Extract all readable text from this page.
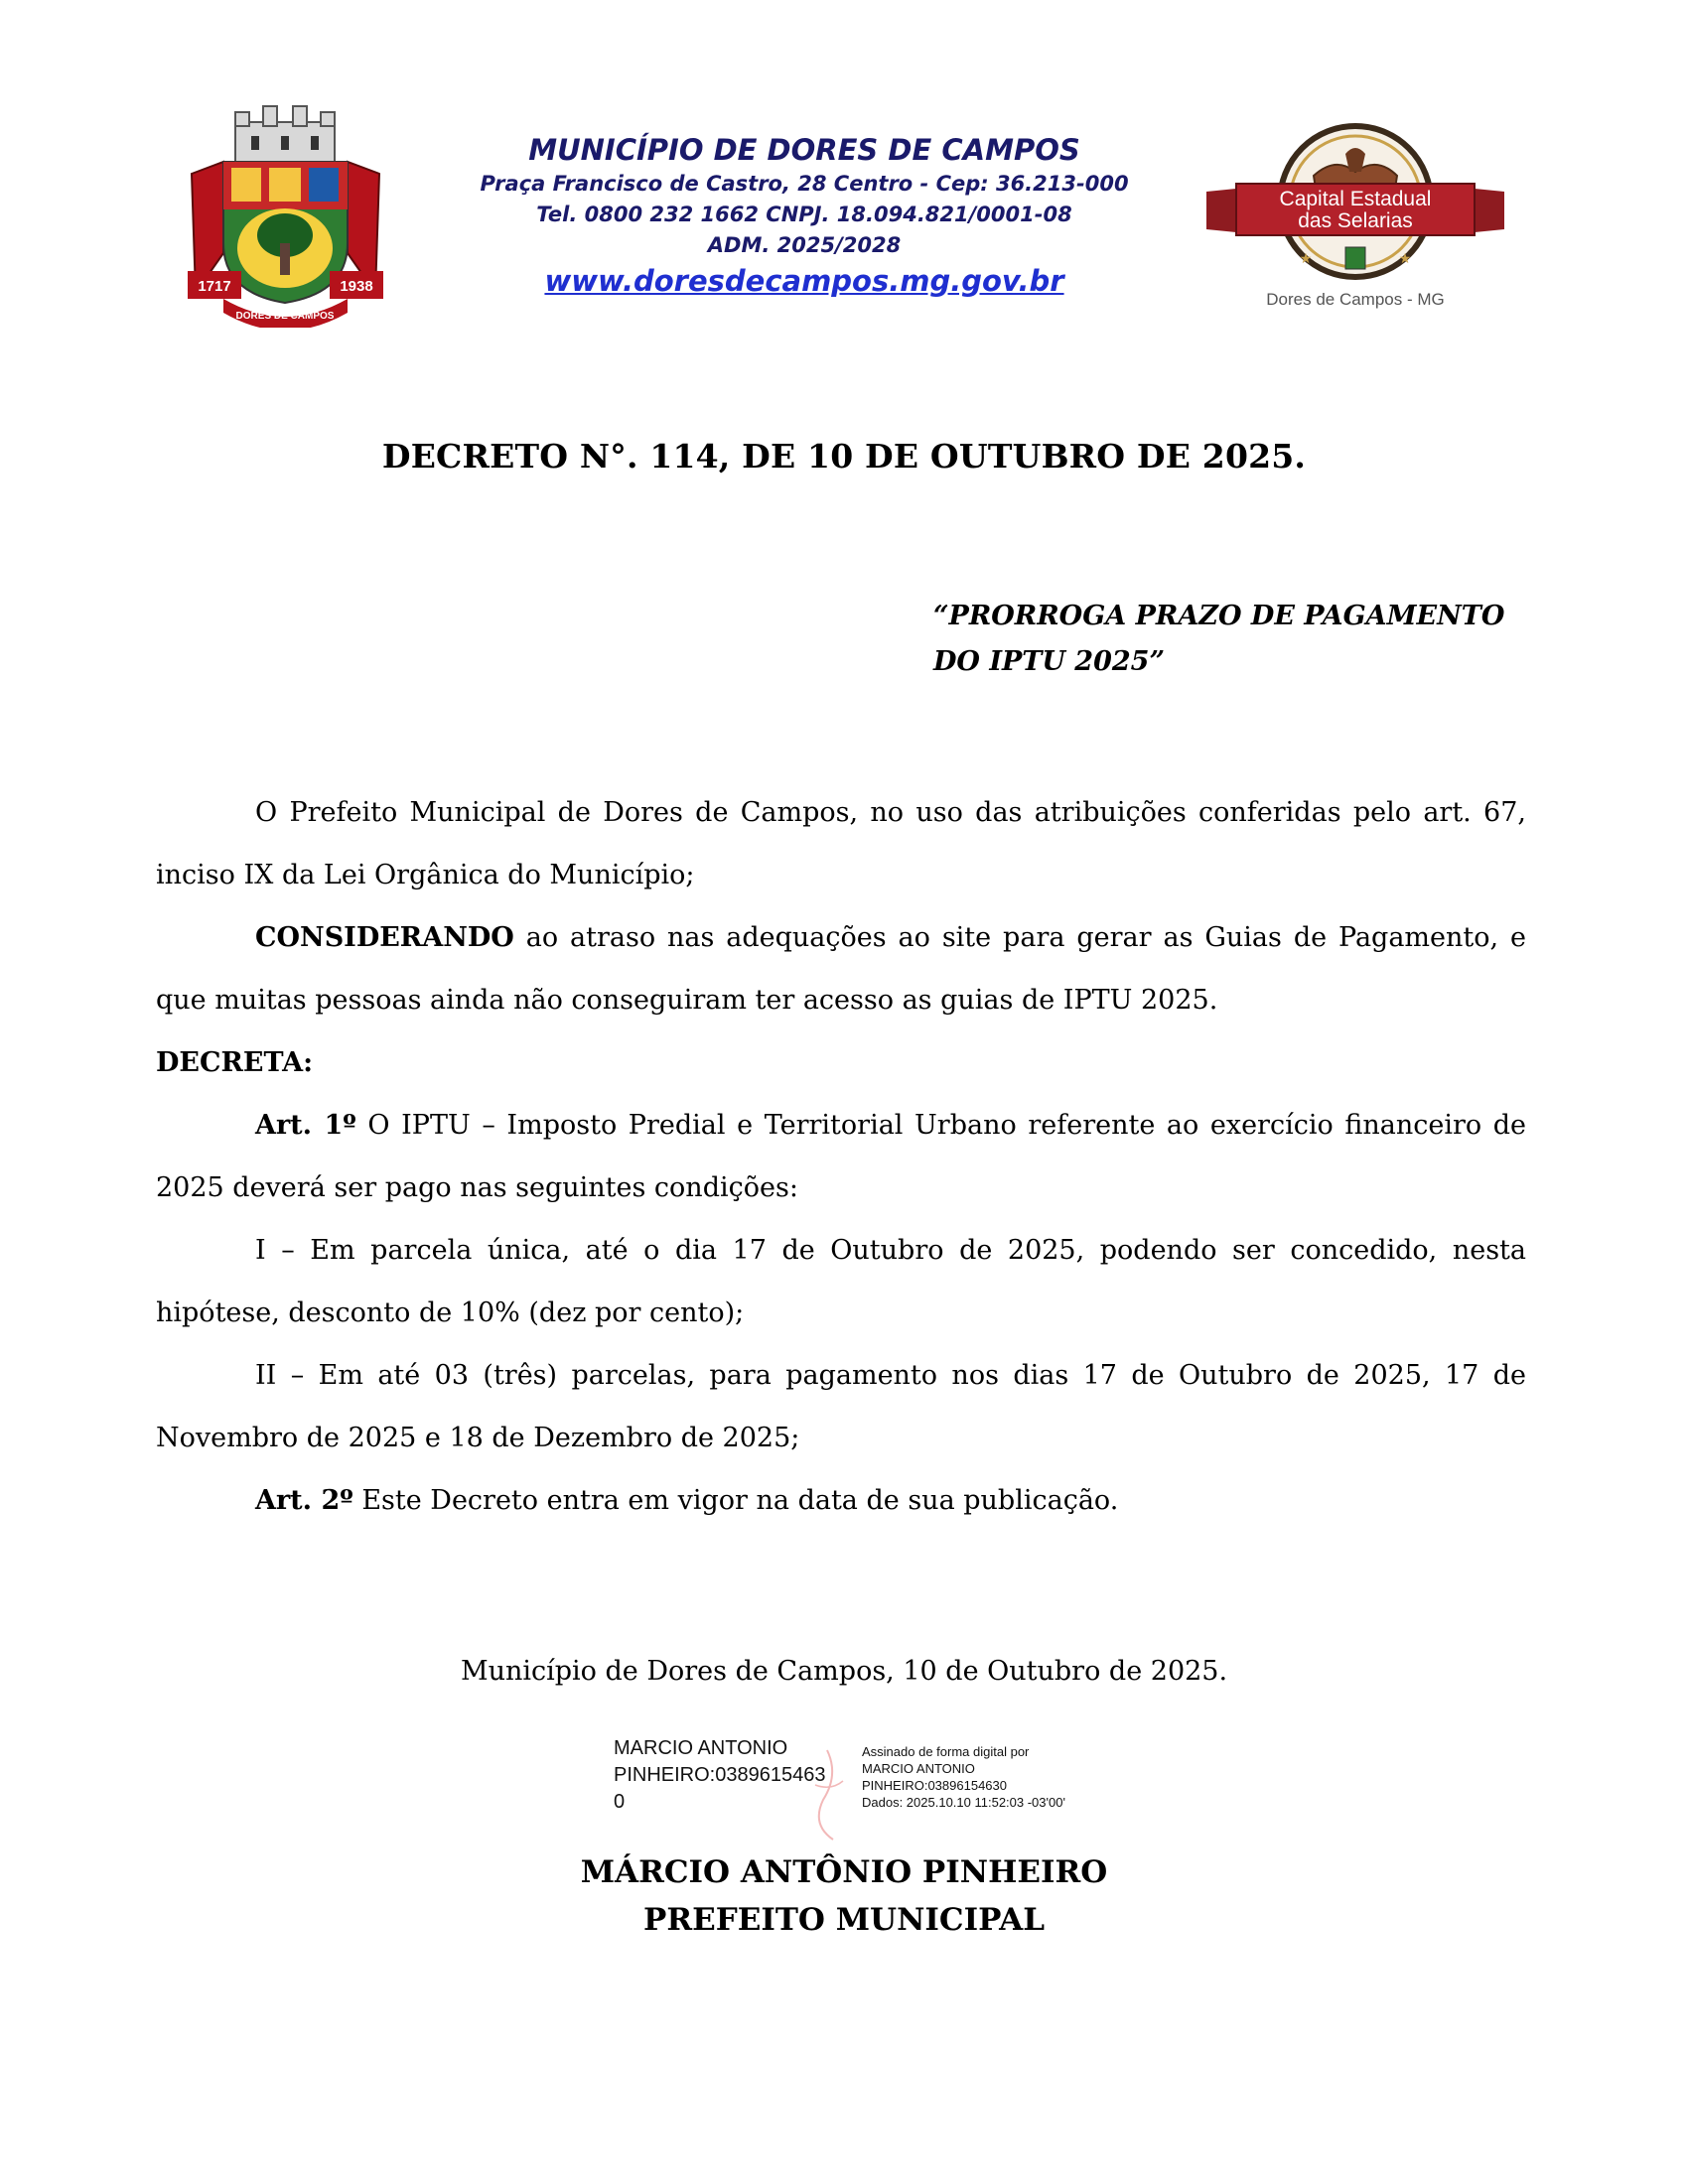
1717	1938
DORES DE CAMPOS
MUNICÍPIO DE DORES DE CAMPOS
Praça Francisco de Castro, 28 Centro - Cep: 36.213-000
Tel. 0800 232 1662 CNPJ. 18.094.821/0001-08
ADM. 2025/2028
www.doresdecampos.mg.gov.br
Capital Estadual
das Selarias
★	★
Dores de Campos - MG
DECRETO N°. 114, DE 10 DE OUTUBRO DE 2025.
“PRORROGA PRAZO DE PAGAMENTO
DO IPTU 2025”

O Prefeito Municipal de Dores de Campos, no uso das atribuições conferidas pelo art. 67, inciso IX da Lei Orgânica do Município;

CONSIDERANDO ao atraso nas adequações ao site para gerar as Guias de Pagamento, e que muitas pessoas ainda não conseguiram ter acesso as guias de IPTU 2025.

DECRETA:

Art. 1º O IPTU – Imposto Predial e Territorial Urbano referente ao exercício financeiro de 2025 deverá ser pago nas seguintes condições:

I – Em parcela única, até o dia 17 de Outubro de 2025, podendo ser concedido, nesta hipótese, desconto de 10% (dez por cento);

II – Em até 03 (três) parcelas, para pagamento nos dias 17 de Outubro de 2025, 17 de Novembro de 2025 e 18 de Dezembro de 2025;

Art. 2º Este Decreto entra em vigor na data de sua publicação.

Município de Dores de Campos, 10 de Outubro de 2025.
MARCIO ANTONIO
PINHEIRO:0389615463
0
Assinado de forma digital por
MARCIO ANTONIO
PINHEIRO:03896154630
Dados: 2025.10.10 11:52:03 -03'00'
MÁRCIO ANTÔNIO PINHEIRO
PREFEITO MUNICIPAL
